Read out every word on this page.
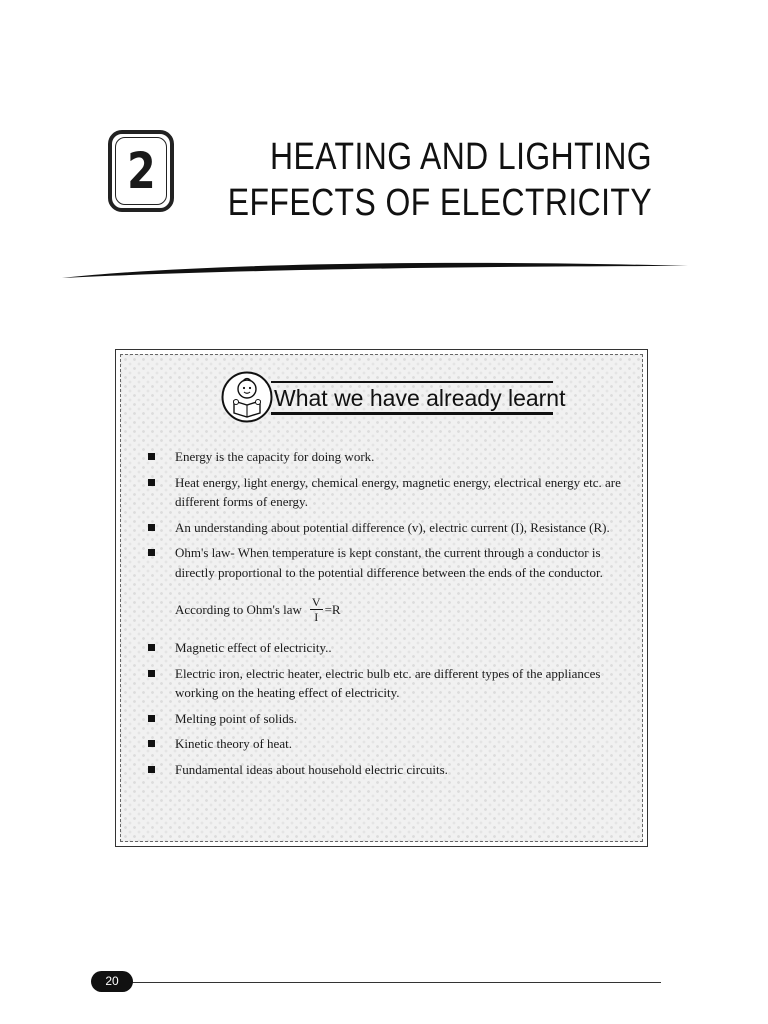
2	HEATING AND LIGHTING
EFFECTS OF ELECTRICITY
What we have already learnt
Energy is the capacity for doing work.
Heat energy, light energy, chemical energy, magnetic energy, electrical energy etc. are different forms of energy.
An understanding about potential difference (v), electric current (I), Resistance (R).
Ohm's law- When temperature is kept constant, the current through a conductor is directly proportional to the potential difference between the ends of the conductor.
According to Ohm's law $\frac{V}{I} =R$
Magnetic effect of electricity..
Electric iron, electric heater, electric bulb etc. are different types of the appliances working on the heating effect of electricity.
Melting point of solids.
Kinetic theory of heat.
Fundamental ideas about household electric circuits.
20
